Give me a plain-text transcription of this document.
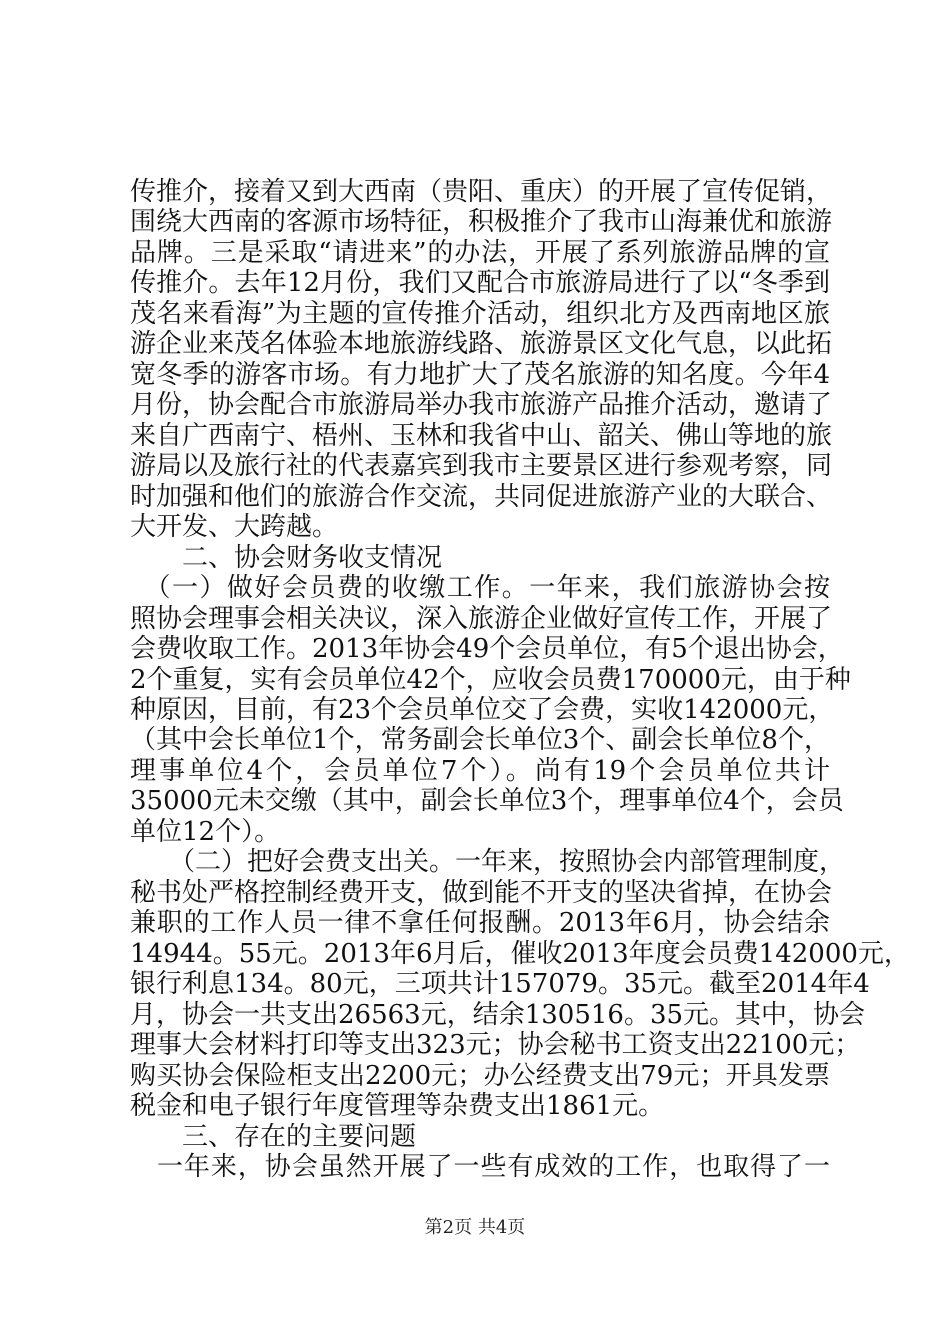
传推介，接着又到大西南（贵阳、重庆）的开展了宣传促销，
围绕大西南的客源市场特征，积极推介了我市山海兼优和旅游
品牌。三是采取“请进来”的办法，开展了系列旅游品牌的宣
传推介。去年12月份，我们又配合市旅游局进行了以“冬季到
茂名来看海”为主题的宣传推介活动，组织北方及西南地区旅
游企业来茂名体验本地旅游线路、旅游景区文化气息，以此拓
宽冬季的游客市场。有力地扩大了茂名旅游的知名度。今年4
月份，协会配合市旅游局举办我市旅游产品推介活动，邀请了
来自广西南宁、梧州、玉林和我省中山、韶关、佛山等地的旅
游局以及旅行社的代表嘉宾到我市主要景区进行参观考察，同
时加强和他们的旅游合作交流，共同促进旅游产业的大联合、
大开发、大跨越。
　　二、协会财务收支情况
　（一）做好会员费的收缴工作。一年来，我们旅游协会按
照协会理事会相关决议，深入旅游企业做好宣传工作，开展了
会费收取工作。2013年协会49个会员单位，有5个退出协会，
2个重复，实有会员单位42个，应收会员费170000元，由于种
种原因，目前，有23个会员单位交了会费，实收142000元，
（其中会长单位1个，常务副会长单位3个、副会长单位8个，
理事单位4个，会员单位7个）。尚有19个会员单位共计
35000元未交缴（其中，副会长单位3个，理事单位4个，会员
单位12个）。
　　（二）把好会费支出关。一年来，按照协会内部管理制度，
秘书处严格控制经费开支，做到能不开支的坚决省掉，在协会
兼职的工作人员一律不拿任何报酬。2013年6月，协会结余
14944。55元。2013年6月后，催收2013年度会员费142000元，
银行利息134。80元，三项共计157079。35元。截至2014年4
月，协会一共支出26563元，结余130516。35元。其中，协会
理事大会材料打印等支出323元；协会秘书工资支出22100元；
购买协会保险柜支出2200元；办公经费支出79元；开具发票
税金和电子银行年度管理等杂费支出1861元。
　　三、存在的主要问题
　一年来，协会虽然开展了一些有成效的工作，也取得了一
第2页 共4页
